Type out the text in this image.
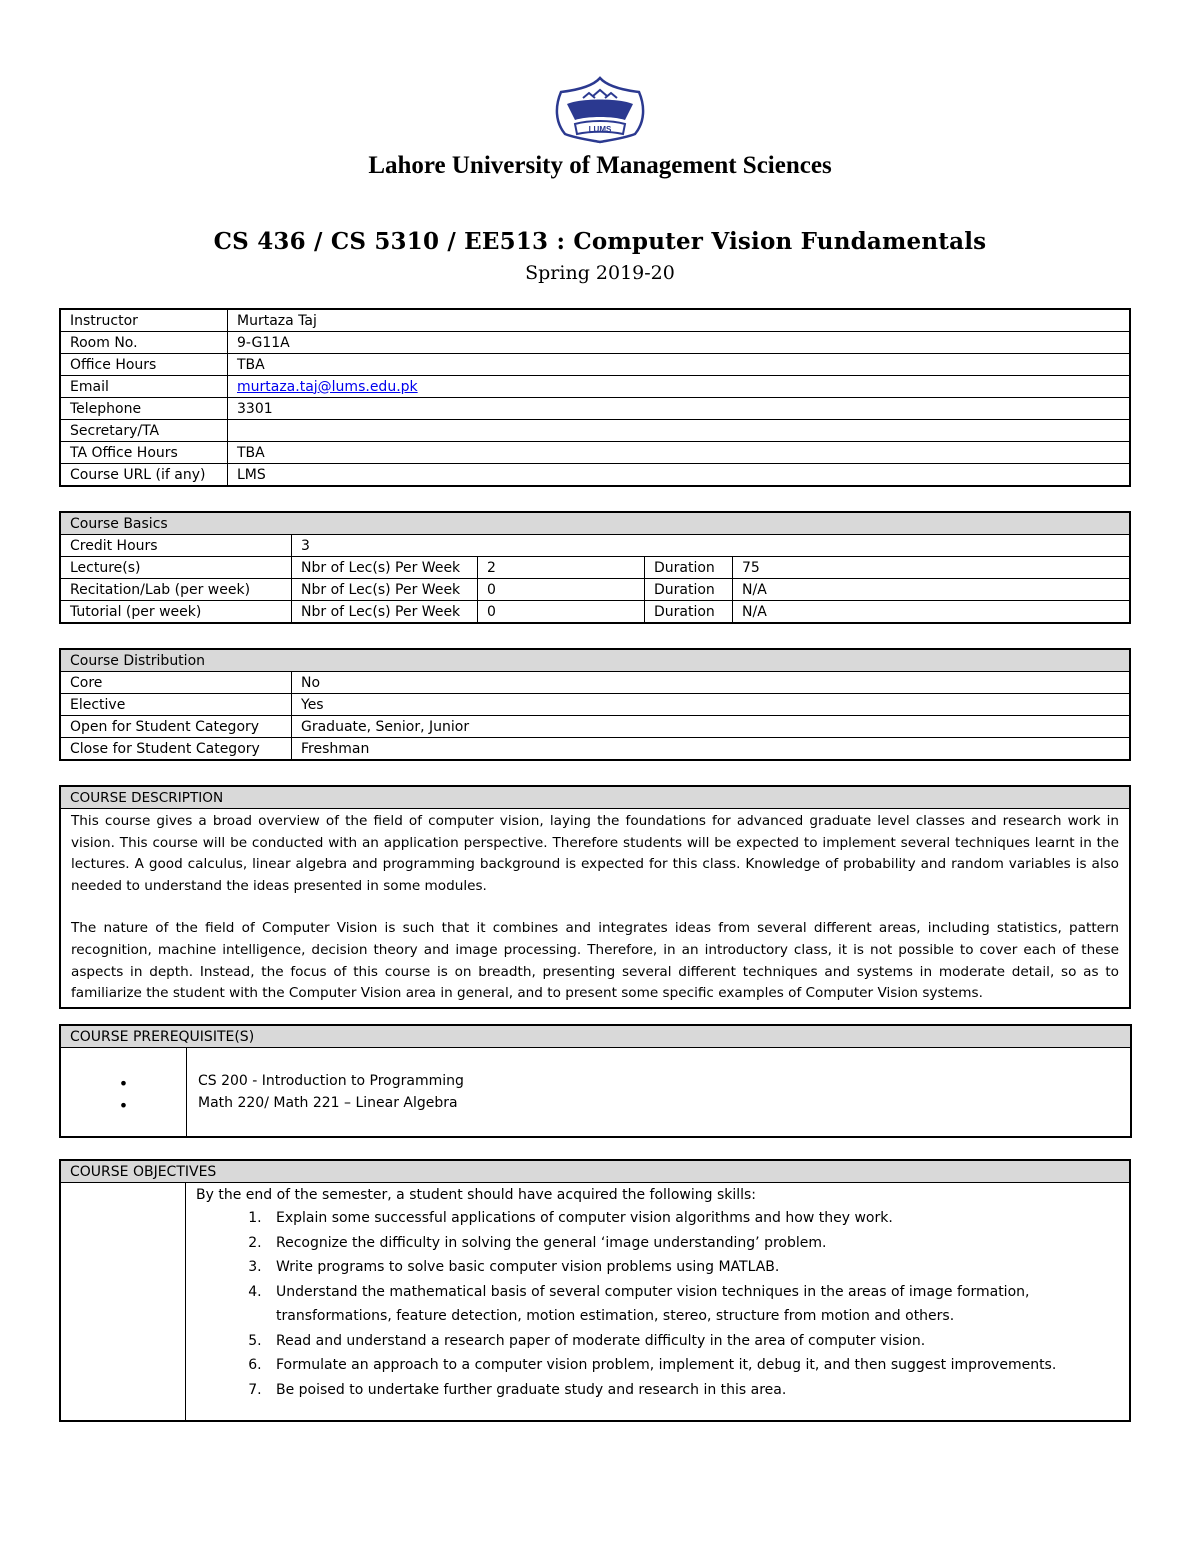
LUMS
Lahore University of Management Sciences
CS 436 / CS 5310 / EE513 : Computer Vision Fundamentals
Spring 2019-20
Instructor	Murtaza Taj
Room No.	9-G11A
Office Hours	TBA
Email	murtaza.taj@lums.edu.pk
Telephone	3301
Secretary/TA	
TA Office Hours	TBA
Course URL (if any)	LMS
Course Basics				
Credit Hours	3			
Lecture(s)	Nbr of Lec(s) Per Week	2	Duration	75
Recitation/Lab (per week)	Nbr of Lec(s) Per Week	0	Duration	N/A
Tutorial (per week)	Nbr of Lec(s) Per Week	0	Duration	N/A
Course Distribution	
Core	No
Elective	Yes
Open for Student Category	Graduate, Senior, Junior
Close for Student Category	Freshman
COURSE DESCRIPTION

This course gives a broad overview of the field of computer vision, laying the foundations for advanced graduate level classes and research work in vision. This course will be conducted with an application perspective. Therefore students will be expected to implement several techniques learnt in the lectures. A good calculus, linear algebra and programming background is expected for this class. Knowledge of probability and random variables is also needed to understand the ideas presented in some modules.

The nature of the field of Computer Vision is such that it combines and integrates ideas from several different areas, including statistics, pattern recognition, machine intelligence, decision theory and image processing. Therefore, in an introductory class, it is not possible to cover each of these aspects in depth. Instead, the focus of this course is on breadth, presenting several different techniques and systems in moderate detail, so as to familiarize the student with the Computer Vision area in general, and to present some specific examples of Computer Vision systems.

COURSE PREREQUISITE(S)

•
•

CS 200 - Introduction to Programming
Math 220/ Math 221 – Linear Algebra
COURSE OBJECTIVES

By the end of the semester, a student should have acquired the following skills:
1. Explain some successful applications of computer vision algorithms and how they work.
2. Recognize the difficulty in solving the general ‘image understanding’ problem.
3. Write programs to solve basic computer vision problems using MATLAB.
4. Understand the mathematical basis of several computer vision techniques in the areas of image formation, transformations, feature detection, motion estimation, stereo, structure from motion and others.
5. Read and understand a research paper of moderate difficulty in the area of computer vision.
6. Formulate an approach to a computer vision problem, implement it, debug it, and then suggest improvements.
7. Be poised to undertake further graduate study and research in this area.
